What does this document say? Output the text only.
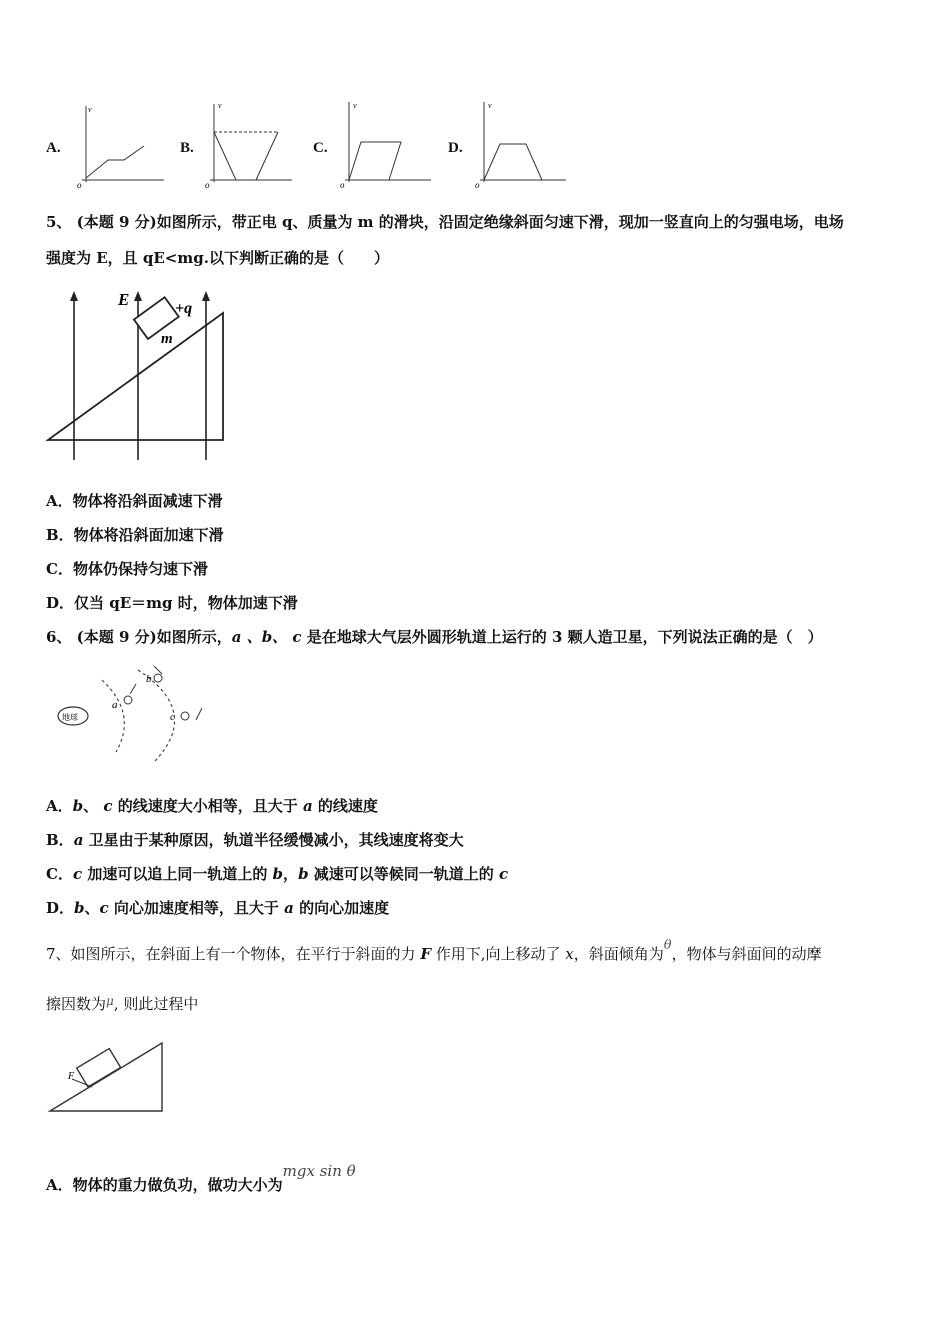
A.
v
o
B.
v
o
C.
v
o
D.
v
o
5、 (本题 9 分)如图所示，带正电 q、质量为 m 的滑块，沿固定绝缘斜面匀速下滑，现加一竖直向上的匀强电场，电场
强度为 E，且 qE<mg.以下判断正确的是（　　）
E	+q
m
A．物体将沿斜面减速下滑
B．物体将沿斜面加速下滑
C．物体仍保持匀速下滑
D．仅当 qE＝mg 时，物体加速下滑
6、 (本题 9 分)如图所示，a 、b、 c 是在地球大气层外圆形轨道上运行的 3 颗人造卫星，下列说法正确的是（　）
地球
a
b
c
A．b、 c 的线速度大小相等，且大于 a 的线速度
B．a 卫星由于某种原因，轨道半径缓慢减小，其线速度将变大
C．c 加速可以追上同一轨道上的 b，b 减速可以等候同一轨道上的 c
D．b、c 向心加速度相等，且大于 a 的向心加速度
7、如图所示，在斜面上有一个物体，在平行于斜面的力 F 作用下,向上移动了 x，斜面倾角为θ，物体与斜面间的动摩
擦因数为$^\mu$, 则此过程中
F
A．物体的重力做负功，做功大小为mgx sin θ
